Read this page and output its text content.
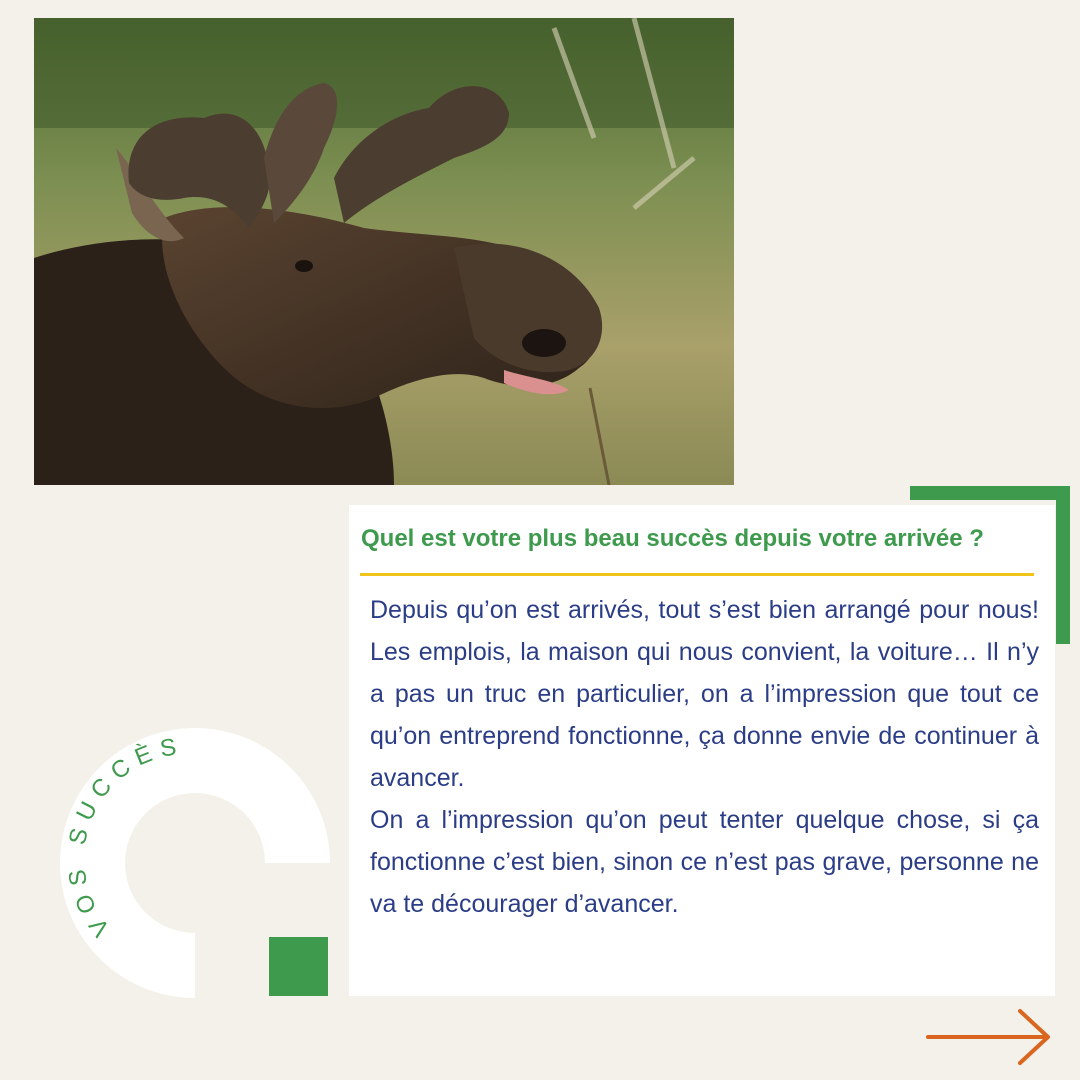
Quel est votre plus beau succès depuis votre arrivée ?

Depuis qu’on est arrivés, tout s’est bien arrangé pour nous! Les emplois, la maison qui nous convient, la voiture… Il n’y a pas un truc en particulier, on a l’impression que tout ce qu’on entreprend fonctionne, ça donne envie de continuer à avancer.

On a l’impression qu’on peut tenter quelque chose, si ça fonctionne c’est bien, sinon ce n’est pas grave, personne ne va te décourager d’avancer.

VOS SUCCÈS
